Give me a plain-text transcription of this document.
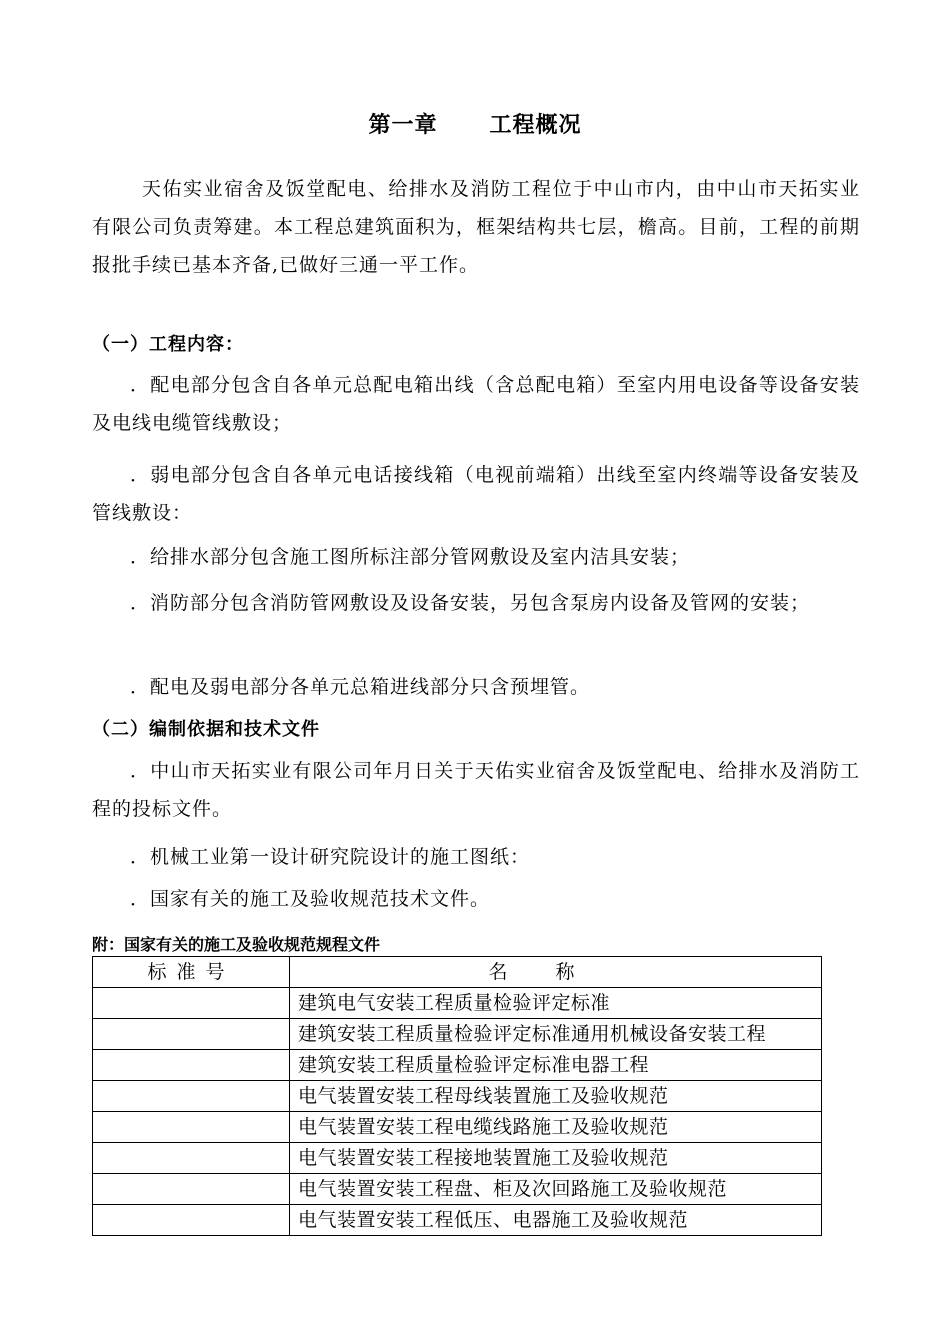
第一章 工程概况

天佑实业宿舍及饭堂配电、给排水及消防工程位于中山市内，由中山市天拓实业有限公司负责筹建。本工程总建筑面积为，框架结构共七层，檐高。目前，工程的前期报批手续已基本齐备,已做好三通一平工作。

（一）工程内容：

．配电部分包含自各单元总配电箱出线（含总配电箱）至室内用电设备等设备安装及电线电缆管线敷设；

．弱电部分包含自各单元电话接线箱（电视前端箱）出线至室内终端等设备安装及管线敷设：

．给排水部分包含施工图所标注部分管网敷设及室内洁具安装；

．消防部分包含消防管网敷设及设备安装，另包含泵房内设备及管网的安装；

．配电及弱电部分各单元总箱进线部分只含预埋管。

（二）编制依据和技术文件

．中山市天拓实业有限公司年月日关于天佑实业宿舍及饭堂配电、给排水及消防工程的投标文件。

．机械工业第一设计研究院设计的施工图纸：

．国家有关的施工及验收规范技术文件。

附：国家有关的施工及验收规范规程文件
标准号	名称
	建筑电气安装工程质量检验评定标准
	建筑安装工程质量检验评定标准通用机械设备安装工程
	建筑安装工程质量检验评定标准电器工程
	电气装置安装工程母线装置施工及验收规范
	电气装置安装工程电缆线路施工及验收规范
	电气装置安装工程接地装置施工及验收规范
	电气装置安装工程盘、柜及次回路施工及验收规范
	电气装置安装工程低压、电器施工及验收规范
